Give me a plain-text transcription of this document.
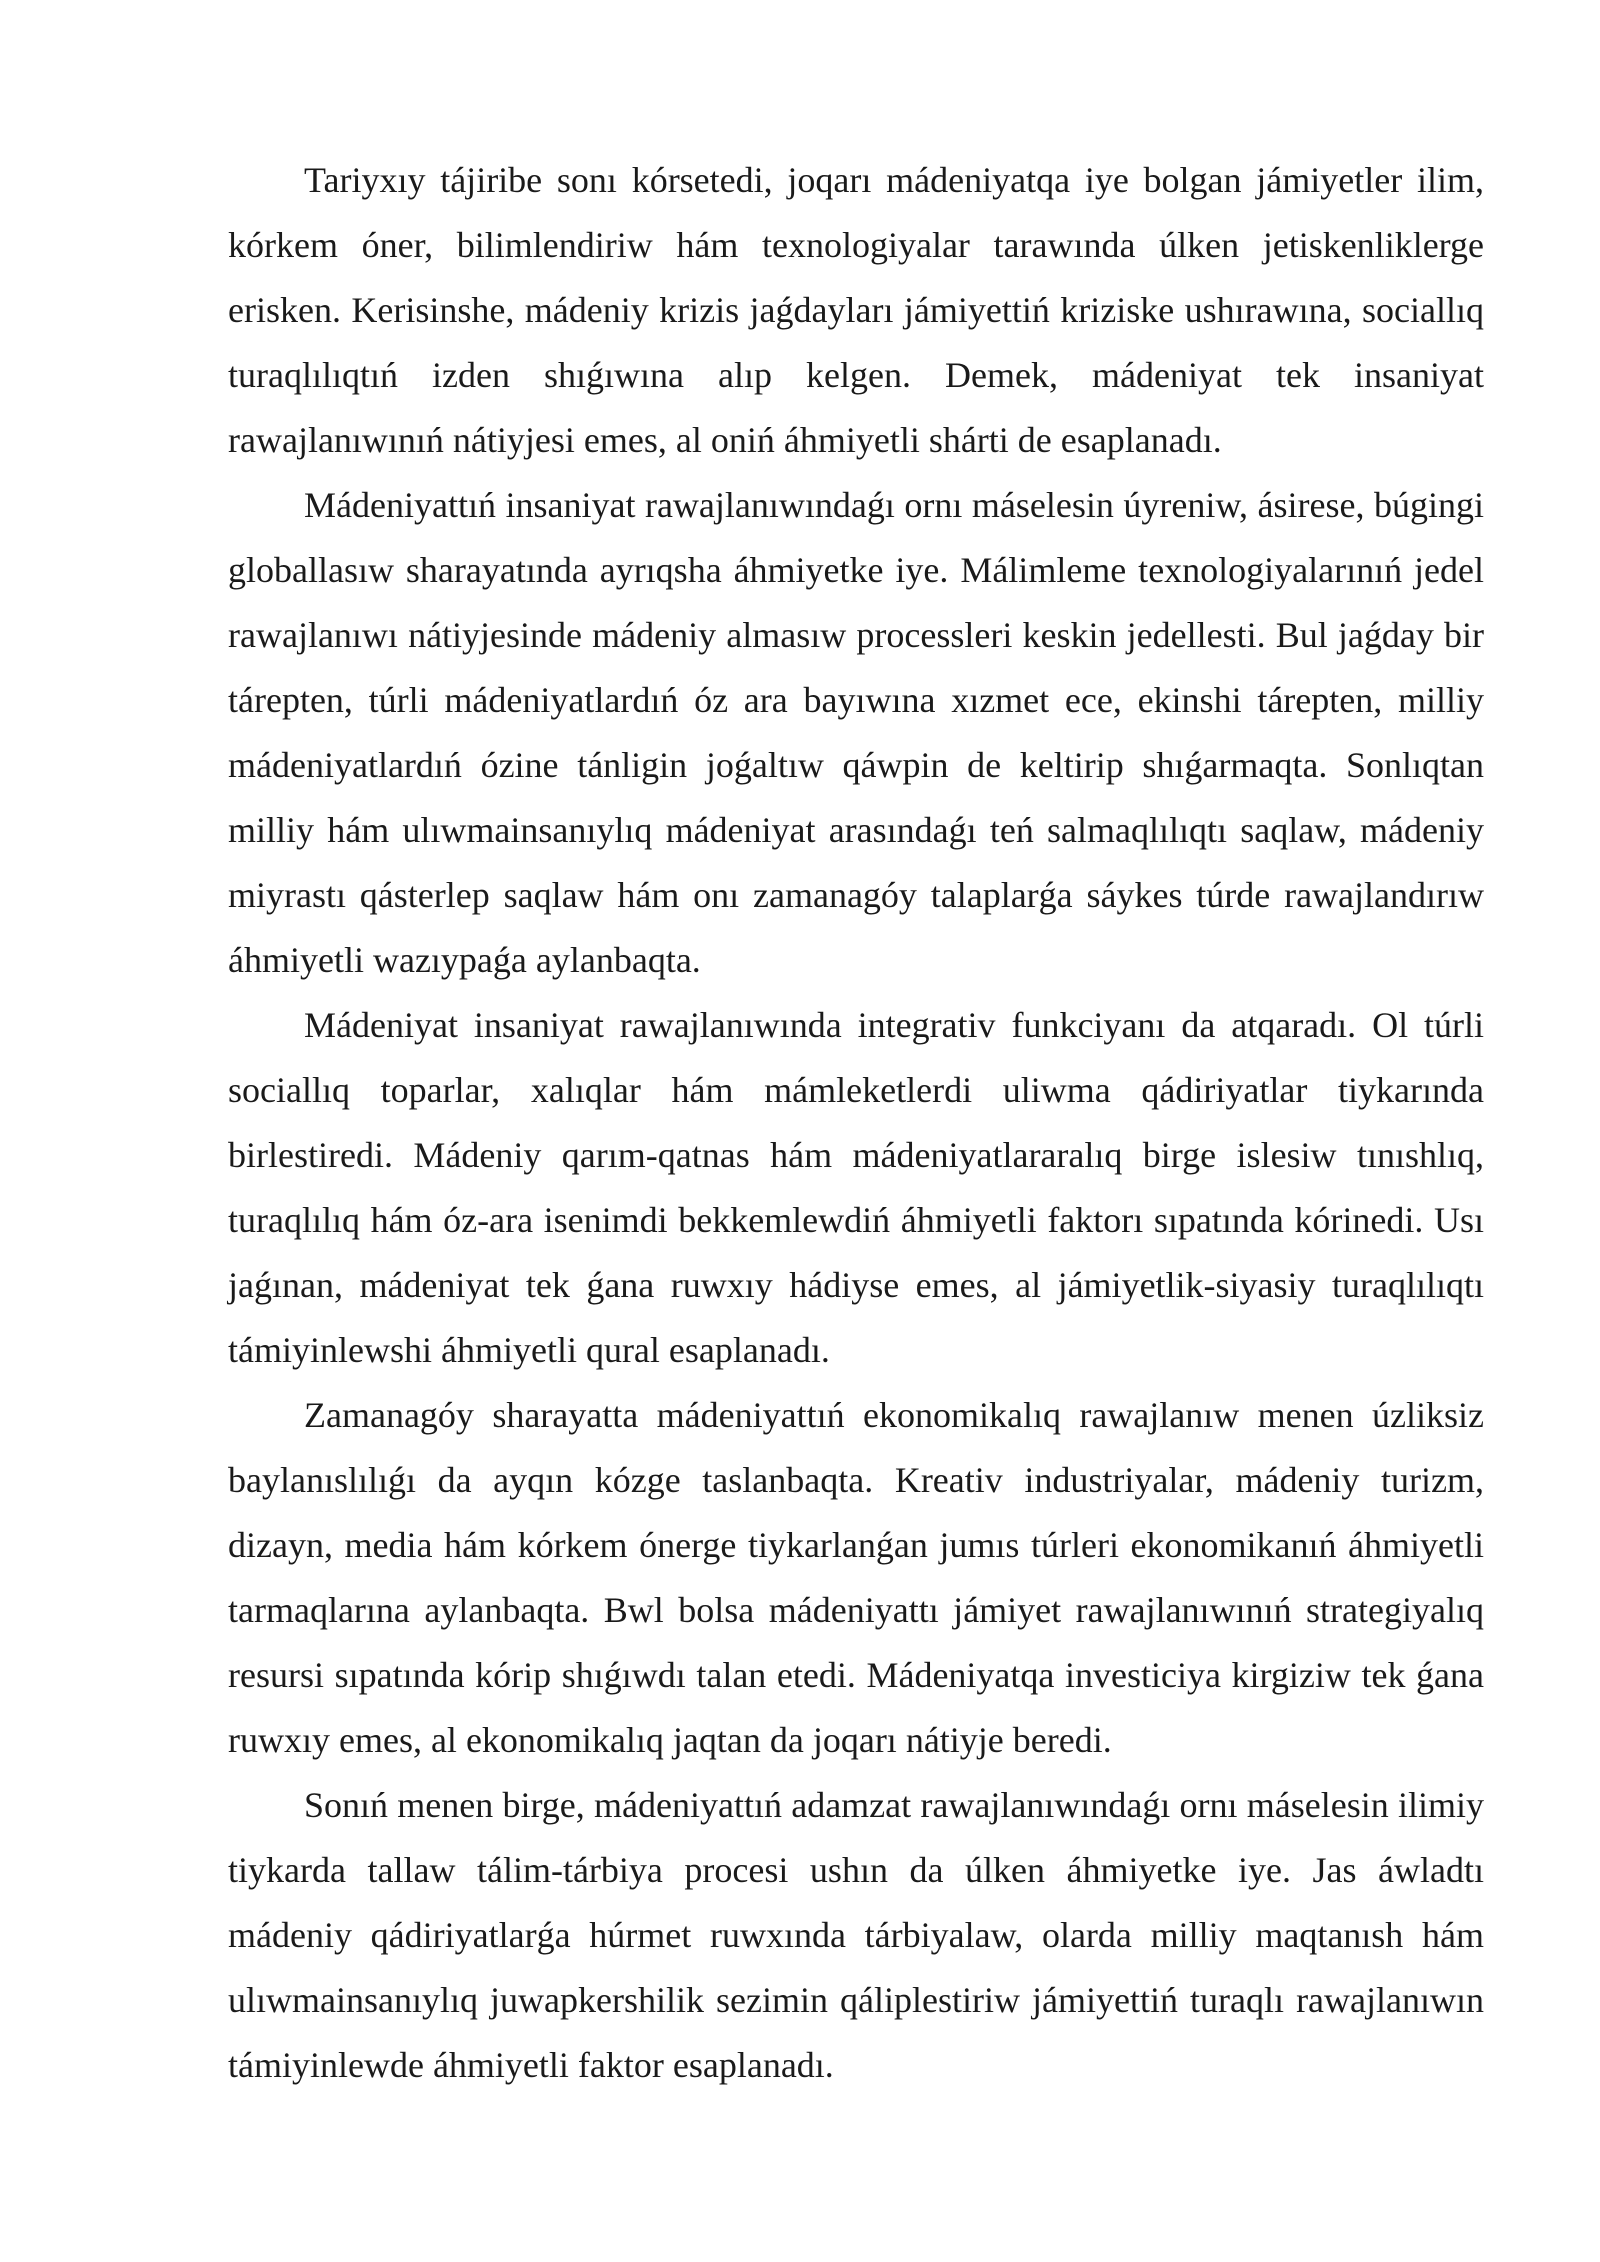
Tariyxıy tájiribe sonı kórsetedi, joqarı mádeniyatqa iye bolgan jámiyetler ilim, kórkem óner, bilimlendiriw hám texnologiyalar tarawında úlken jetiskenliklerge erisken. Kerisinshe, mádeniy krizis jaǵdayları jámiyettiń kriziske ushırawına, sociallıq turaqlılıqtıń izden shıǵıwına alıp kelgen. Demek, mádeniyat tek insaniyat rawajlanıwınıń nátiyjesi emes, al oniń áhmiyetli shárti de esaplanadı.

Mádeniyattıń insaniyat rawajlanıwındaǵı ornı máselesin úyreniw, ásirese, búgingi globallasıw sharayatında ayrıqsha áhmiyetke iye. Málimleme texnologiyalarınıń jedel rawajlanıwı nátiyjesinde mádeniy almasıw processleri keskin jedellesti. Bul jaǵday bir tárepten, túrli mádeniyatlardıń óz ara bayıwına xızmet ece, ekinshi tárepten, milliy mádeniyatlardıń ózine tánligin joǵaltıw qáwpin de keltirip shıǵarmaqta. Sonlıqtan milliy hám ulıwmainsanıylıq mádeniyat arasındaǵı teń salmaqlılıqtı saqlaw, mádeniy miyrastı qásterlep saqlaw hám onı zamanagóy talaplarǵa sáykes túrde rawajlandırıw áhmiyetli wazıypaǵa aylanbaqta.

Mádeniyat insaniyat rawajlanıwında integrativ funkciyanı da atqaradı. Ol túrli sociallıq toparlar, xalıqlar hám mámleketlerdi uliwma qádiriyatlar tiykarında birlestiredi. Mádeniy qarım-qatnas hám mádeniyatlararalıq birge islesiw tınıshlıq, turaqlılıq hám óz-ara isenimdi bekkemlewdiń áhmiyetli faktorı sıpatında kórinedi. Usı jaǵınan, mádeniyat tek ǵana ruwxıy hádiyse emes, al jámiyetlik-siyasiy turaqlılıqtı támiyinlewshi áhmiyetli qural esaplanadı.

Zamanagóy sharayatta mádeniyattıń ekonomikalıq rawajlanıw menen úzliksiz baylanıslılıǵı da ayqın kózge taslanbaqta. Kreativ industriyalar, mádeniy turizm, dizayn, media hám kórkem ónerge tiykarlanǵan jumıs túrleri ekonomikanıń áhmiyetli tarmaqlarına aylanbaqta. Bwl bolsa mádeniyattı jámiyet rawajlanıwınıń strategiyalıq resursi sıpatında kórip shıǵıwdı talan etedi. Mádeniyatqa investiciya kirgiziw tek ǵana ruwxıy emes, al ekonomikalıq jaqtan da joqarı nátiyje beredi.

Sonıń menen birge, mádeniyattıń adamzat rawajlanıwındaǵı ornı máselesin ilimiy tiykarda tallaw tálim-tárbiya procesi ushın da úlken áhmiyetke iye. Jas áwladtı mádeniy qádiriyatlarǵa húrmet ruwxında tárbiyalaw, olarda milliy maqtanısh hám ulıwmainsanıylıq juwapkershilik sezimin qáliplestiriw jámiyettiń turaqlı rawajlanıwın támiyinlewde áhmiyetli faktor esaplanadı.
